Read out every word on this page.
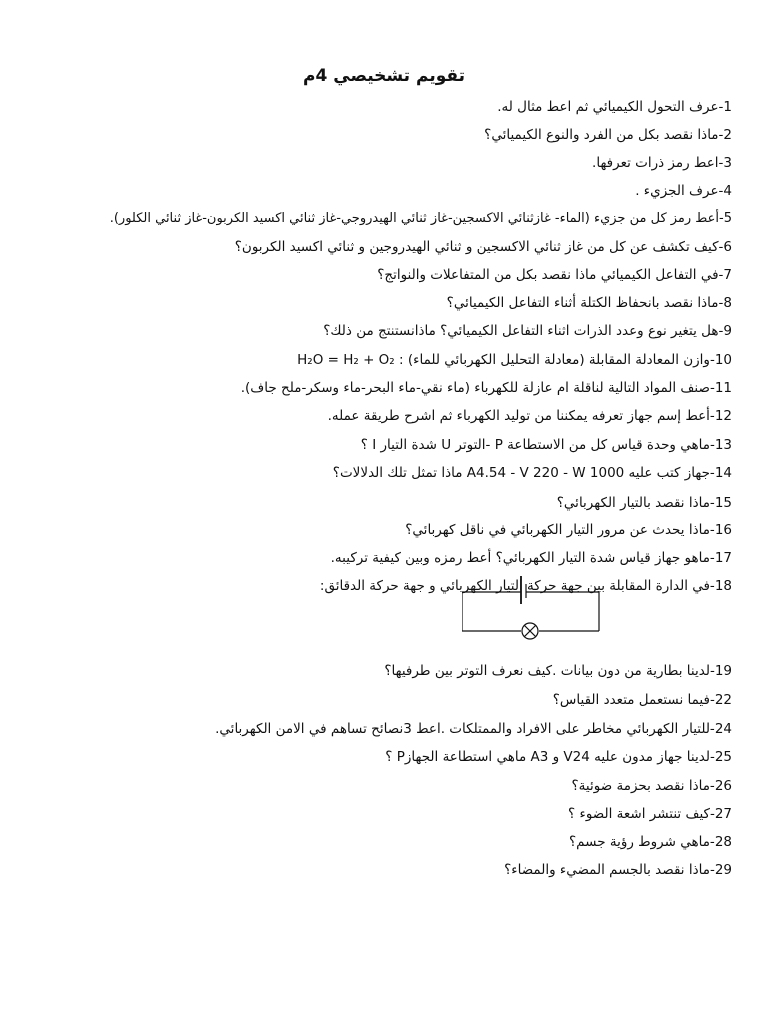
تقويم تشخيصي 4م
1-عرف التحول الكيميائي ثم اعط مثال له.
2-ماذا نقصد بكل من الفرد والنوع الكيميائي؟
3-اعط رمز ذرات تعرفها.
4-عرف الجزيء .
5-أعط رمز كل من جزيء (الماء- غازثنائي الاكسجين-غاز ثنائي الهيدروجي-غاز ثنائي اكسيد الكربون-غاز ثنائي الكلور).
6-كيف تكشف عن كل من غاز ثنائي الاكسجين و ثنائي الهيدروجين و ثنائي اكسيد الكربون؟
7-في التفاعل الكيميائي ماذا نقصد بكل من المتفاعلات والنواتج؟
8-ماذا نقصد بانحفاظ الكتلة أثناء التفاعل الكيميائي؟
9-هل يتغير نوع وعدد الذرات اثناء التفاعل الكيميائي؟ ماذانستنتج من ذلك؟
10-وازن المعادلة المقابلة (معادلة التحليل الكهربائي للماء) : H₂O = H₂ + O₂
11-صنف المواد التالية لناقلة ام عازلة للكهرباء (ماء نقي-ماء البحر-ماء وسكر-ملح جاف).
12-أعط إسم جهاز تعرفه يمكننا من توليد الكهرباء ثم اشرح طريقة عمله.
13-ماهي وحدة قياس كل من الاستطاعة P -التوتر U شدة التيار I ؟
14-جهاز كتب عليه A4.54 - V 220 - W 1000 ماذا تمثل تلك الدلالات؟
15-ماذا نقصد بالتيار الكهربائي؟
16-ماذا يحدث عن مرور التيار الكهربائي في ناقل كهربائي؟
17-ماهو جهاز قياس شدة التيار الكهربائي؟ أعط رمزه وبين كيفية تركيبه.
18-في الدارة المقابلة بين جهة حركة التيار الكهربائي و جهة حركة الدقائق:
19-لدينا بطارية من دون بيانات .كيف نعرف التوتر بين طرفيها؟
22-فيما نستعمل متعدد القياس؟
24-للتيار الكهربائي مخاطر على الافراد والممتلكات .اعط 3نصائح تساهم في الامن الكهربائي.
25-لدينا جهاز مدون عليه V24 و A3 ماهي استطاعة الجهازP ؟
26-ماذا نقصد بحزمة ضوئية؟
27-كيف تنتشر اشعة الضوء ؟
28-ماهي شروط رؤية جسم؟
29-ماذا نقصد بالجسم المضيء والمضاء؟
